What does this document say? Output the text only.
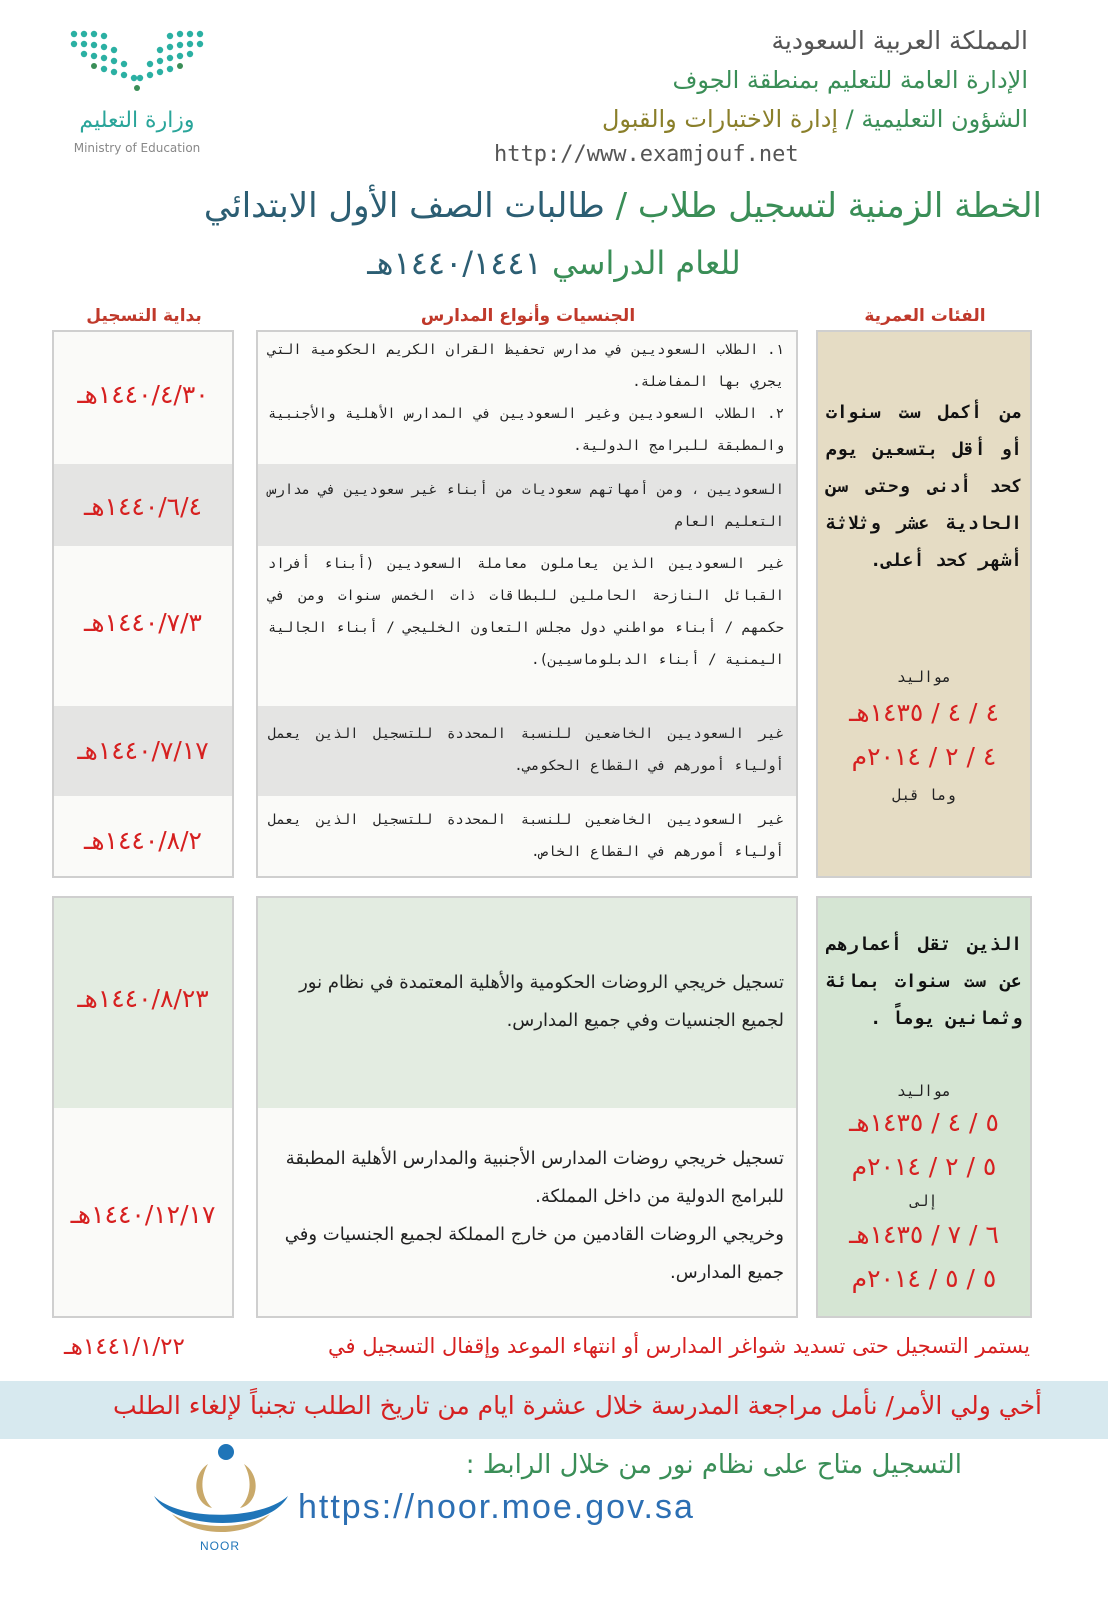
المملكة العربية السعودية
الإدارة العامة للتعليم بمنطقة الجوف
الشؤون التعليمية / إدارة الاختبارات والقبول
http://www.examjouf.net
وزارة التعليم
Ministry of Education
الخطة الزمنية لتسجيل طلاب / طالبات الصف الأول الابتدائي
للعام الدراسي ١٤٤٠/١٤٤١هـ
بداية التسجيل	الجنسيات وأنواع المدارس	الفئات العمرية
١٤٤٠/٤/٣٠هـ
١٤٤٠/٦/٤هـ
١٤٤٠/٧/٣هـ
١٤٤٠/٧/١٧هـ
١٤٤٠/٨/٢هـ
١. الطلاب السعوديين في مدارس تحفيظ القران الكريم الحكومية التي يجري بها المفاضلة.
٢. الطلاب السعوديين وغير السعوديين في المدارس الأهلية والأجنبية والمطبقة للبرامج الدولية.
السعوديين ، ومن أمهاتهم سعوديات من أبناء غير سعوديين في مدارس التعليم العام
غير السعوديين الذين يعاملون معاملة السعوديين (أبناء أفراد القبائل النازحة الحاملين للبطاقات ذات الخمس سنوات ومن في حكمهم / أبناء مواطني دول مجلس التعاون الخليجي / أبناء الجالية اليمنية / أبناء الدبلوماسيين).
غير السعوديين الخاضعين للنسبة المحددة للتسجيل الذين يعمل أولياء أمورهم في القطاع الحكومي.
غير السعوديين الخاضعين للنسبة المحددة للتسجيل الذين يعمل أولياء أمورهم في القطاع الخاص.
من أكمل ست سنوات أو أقل بتسعين يوم كحد أدنى وحتى سن الحادية عشر وثلاثة أشهر كحد أعلى.
مواليد
٤ / ٤ / ١٤٣٥هـ
٤ / ٢ / ٢٠١٤م
وما قبل
١٤٤٠/٨/٢٣هـ
١٤٤٠/١٢/١٧هـ
تسجيل خريجي الروضات الحكومية والأهلية المعتمدة في نظام نور لجميع الجنسيات وفي جميع المدارس.
تسجيل خريجي روضات المدارس الأجنبية والمدارس الأهلية المطبقة للبرامج الدولية من داخل المملكة.
وخريجي الروضات القادمين من خارج المملكة لجميع الجنسيات وفي جميع المدارس.
الذين تقل أعمارهم عن ست سنوات بمائة وثمانين يوماً .
مواليد
٥ / ٤ / ١٤٣٥هـ
٥ / ٢ / ٢٠١٤م
إلى
٦ / ٧ / ١٤٣٥هـ
٥ / ٥ / ٢٠١٤م
يستمر التسجيل حتى تسديد شواغر المدارس أو انتهاء الموعد وإقفال التسجيل في
١٤٤١/١/٢٢هـ
أخي ولي الأمر/ نأمل مراجعة المدرسة خلال عشرة ايام من تاريخ الطلب تجنباً لإلغاء الطلب
NOOR
التسجيل متاح على نظام نور من خلال الرابط :
https://noor.moe.gov.sa
